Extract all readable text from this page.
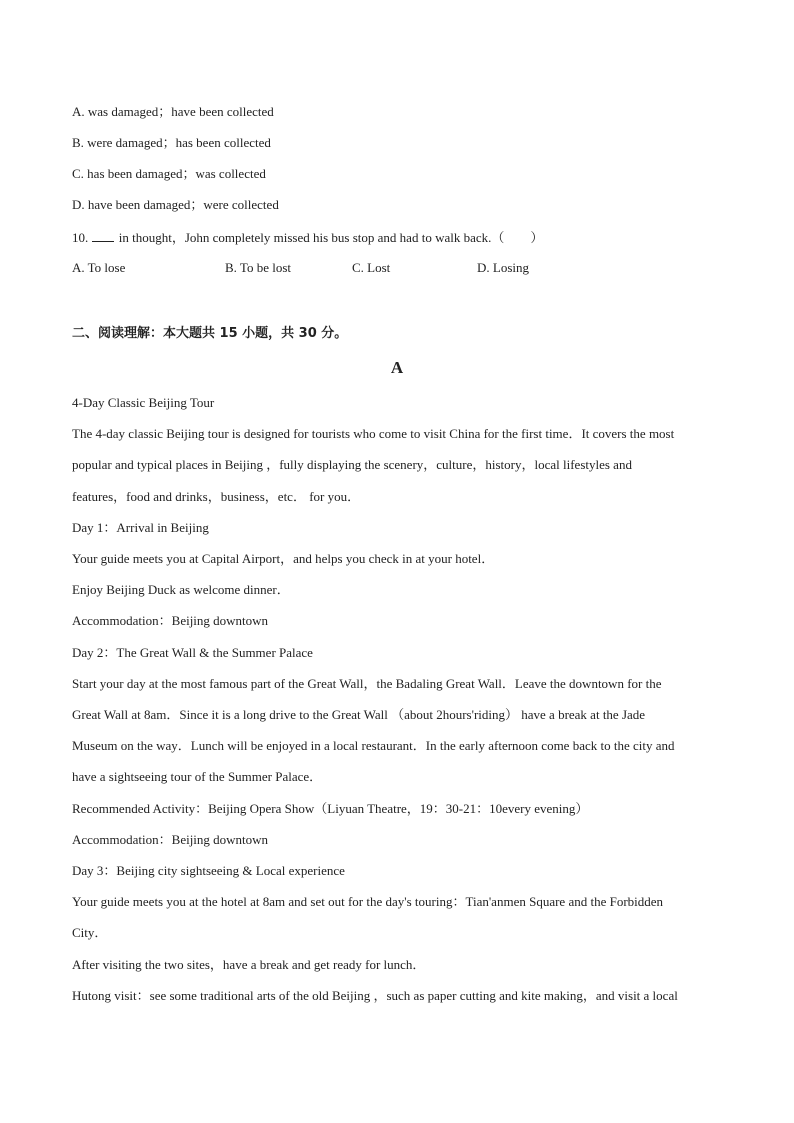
A. was damaged；have been collected
B. were damaged；has been collected
C. has been damaged；was collected
D. have been damaged；were collected
10. in thought，John completely missed his bus stop and had to walk back.（　　）
A. To lose	B. To be lost	C. Lost	D. Losing
二、阅读理解：本大题共 15 小题，共 30 分。
A
4-Day Classic Beijing Tour
The 4-day classic Beijing tour is designed for tourists who come to visit China for the first time．It covers the most
popular and typical places in Beijing ，fully displaying the scenery，culture，history，local lifestyles and
features，food and drinks，business，etc． for you．
Day 1：Arrival in Beijing
Your guide meets you at Capital Airport，and helps you check in at your hotel．
Enjoy Beijing Duck as welcome dinner．
Accommodation：Beijing downtown
Day 2：The Great Wall & the Summer Palace
Start your day at the most famous part of the Great Wall，the Badaling Great Wall．Leave the downtown for the
Great Wall at 8am．Since it is a long drive to the Great Wall （about 2hours'riding） have a break at the Jade
Museum on the way．Lunch will be enjoyed in a local restaurant．In the early afternoon come back to the city and
have a sightseeing tour of the Summer Palace．
Recommended Activity：Beijing Opera Show（Liyuan Theatre，19：30-21：10every evening）
Accommodation：Beijing downtown
Day 3：Beijing city sightseeing & Local experience
Your guide meets you at the hotel at 8am and set out for the day's touring：Tian'anmen Square and the Forbidden
City．
After visiting the two sites，have a break and get ready for lunch．
Hutong visit：see some traditional arts of the old Beijing ，such as paper cutting and kite making，and visit a local
